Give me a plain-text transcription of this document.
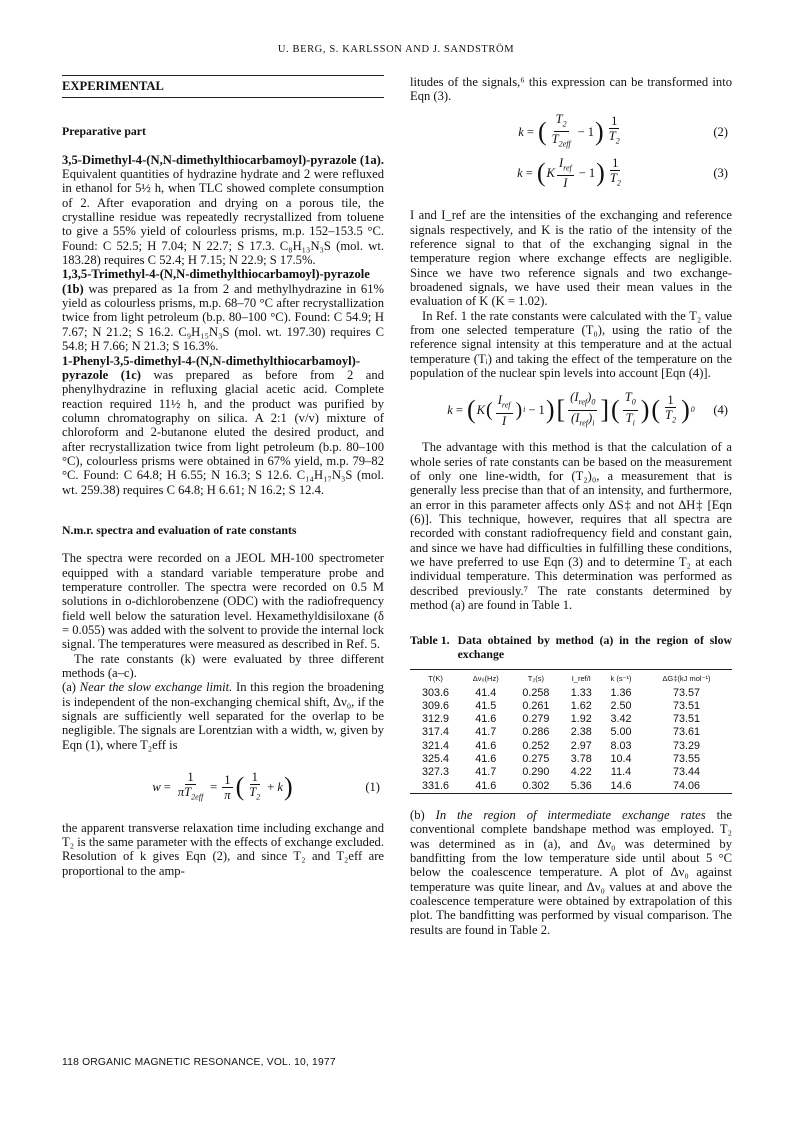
U. BERG, S. KARLSSON AND J. SANDSTRÖM
EXPERIMENTAL
Preparative part

3,5-Dimethyl-4-(N,N-dimethylthiocarbamoyl)-pyrazole (1a). Equivalent quantities of hydrazine hydrate and 2 were refluxed in ethanol for 5½ h, when TLC showed complete consumption of 2. After evaporation and drying on a porous tile, the crystalline residue was repeatedly recrystallized from toluene to give a 55% yield of colourless prisms, m.p. 152–153.5 °C. Found: C 52.5; H 7.04; N 22.7; S 17.3. C₈H₁₃N₃S (mol. wt. 183.28) requires C 52.4; H 7.15; N 22.9; S 17.5%.

1,3,5-Trimethyl-4-(N,N-dimethylthiocarbamoyl)-pyrazole (1b) was prepared as 1a from 2 and methylhydrazine in 61% yield as colourless prisms, m.p. 68–70 °C after recrystallization twice from light petroleum (b.p. 80–100 °C). Found: C 54.9; H 7.67; N 21.2; S 16.2. C₉H₁₅N₃S (mol. wt. 197.30) requires C 54.8; H 7.66; N 21.3; S 16.3%.

1-Phenyl-3,5-dimethyl-4-(N,N-dimethylthiocarbamoyl)-pyrazole (1c) was prepared as before from 2 and phenylhydrazine in refluxing glacial acetic acid. Complete reaction required 11½ h, and the product was purified by column chromatography on silica. A 2:1 (v/v) mixture of chloroform and 2-butanone eluted the desired product, and after recrystallization twice from light petroleum (b.p. 80–100 °C), colourless prisms were obtained in 67% yield, m.p. 79–82 °C. Found: C 64.8; H 6.55; N 16.3; S 12.6. C₁₄H₁₇N₃S (mol. wt. 259.38) requires C 64.8; H 6.61; N 16.2; S 12.4.

N.m.r. spectra and evaluation of rate constants

The spectra were recorded on a JEOL MH-100 spectrometer equipped with a standard variable temperature probe and temperature controller. The spectra were recorded on 0.5 M solutions in o-dichlorobenzene (ODC) with the radiofrequency field well below the saturation level. Hexamethyldisiloxane (δ = 0.055) was added with the solvent to provide the internal lock signal. The temperatures were measured as described in Ref. 5.

The rate constants (k) were evaluated by three different methods (a–c).

(a) Near the slow exchange limit. In this region the broadening is independent of the non-exchanging chemical shift, Δν₀, if the signals are sufficiently well separated for the overlap to be negligible. The signals are Lorentzian with a width, w, given by Eqn (1), where T₂eff is

$w = \frac{1}{\pi T_{2eff}} = \frac{1}{\pi}$ ( $\frac{1}{T_2} + k$ )	(1)

the apparent transverse relaxation time including exchange and T₂ is the same parameter with the effects of exchange excluded. Resolution of k gives Eqn (2), and since T₂ and T₂eff are proportional to the amp-

litudes of the signals,⁶ this expression can be transformed into Eqn (3).

k = ( $\frac{T_2}{T_{2eff}} - 1$ ) $\frac{1}{T_2}$	(2)
k = ( K $\frac{I_{ref}}{I} - 1$ ) $\frac{1}{T_2}$	(3)

I and I_ref are the intensities of the exchanging and reference signals respectively, and K is the ratio of the intensity of the reference signal to that of the exchanging signal in the temperature region where exchange effects are negligible. Since we have two reference signals and two exchange-broadened signals, we have used their mean values in the evaluation of K (K = 1.02).

In Ref. 1 the rate constants were calculated with the T₂ value from one selected temperature (T₀), using the ratio of the reference signal intensity at this temperature and at the actual temperature (Tᵢ) and taking the effect of the temperature on the population of the nuclear spin levels into account [Eqn (4)].

k = ( K ( $\frac{I_{ref}}{I}$ ) i − 1 ) [ $\frac{(I_{ref})_0}{(I_{ref})_i}$ ] ( $\frac{T_0}{T_i}$ ) ( $\frac{1}{T_2}$ ) 0 (4)

The advantage with this method is that the calculation of a whole series of rate constants can be based on the measurement of only one line-width, for (T₂)₀, a measurement that is generally less precise than that of an intensity, and furthermore, an error in this parameter affects only ΔS‡ and not ΔH‡ [Eqn (6)]. This technique, however, requires that all spectra are recorded with constant radiofrequency field and constant gain, and since we have had difficulties in fulfilling these conditions, we have preferred to use Eqn (3) and to determine T₂ at each individual temperature. This determination was performed as described previously.⁷ The rate constants determined by method (a) are found in Table 1.

Table 1. Data obtained by method (a) in the region of slow exchange
T(K)	Δν₀(Hz)	T₂(s)	I_ref/I	k (s⁻¹)	ΔG‡(kJ mol⁻¹)
303.6	41.4	0.258	1.33	1.36	73.57
309.6	41.5	0.261	1.62	2.50	73.51
312.9	41.6	0.279	1.92	3.42	73.51
317.4	41.7	0.286	2.38	5.00	73.61
321.4	41.6	0.252	2.97	8.03	73.29
325.4	41.6	0.275	3.78	10.4	73.55
327.3	41.7	0.290	4.22	11.4	73.44
331.6	41.6	0.302	5.36	14.6	74.06

(b) In the region of intermediate exchange rates the conventional complete bandshape method was employed. T₂ was determined as in (a), and Δν₀ was determined by bandfitting from the low temperature side until about 5 °C below the coalescence temperature. A plot of Δν₀ against temperature was quite linear, and Δν₀ values at and above the coalescence temperature were obtained by extrapolation of this plot. The bandfitting was performed by visual comparison. The results are found in Table 2.

118 ORGANIC MAGNETIC RESONANCE, VOL. 10, 1977
